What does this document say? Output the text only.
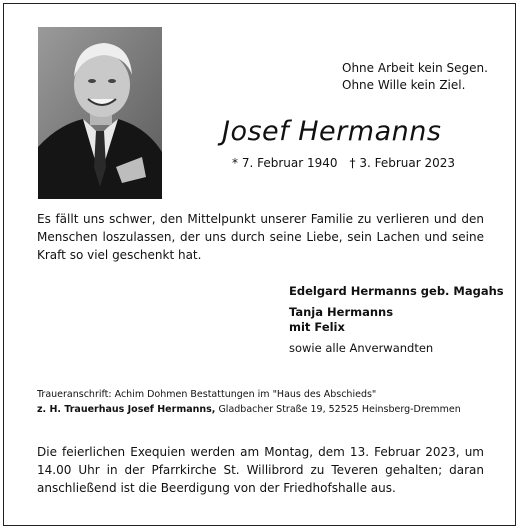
Ohne Arbeit kein Segen.
Ohne Wille kein Ziel.
Josef Hermanns
* 7. Februar 1940 † 3. Februar 2023
Es fällt uns schwer, den Mittelpunkt unserer Familie zu verlieren und den Menschen loszulassen, der uns durch seine Liebe, sein Lachen und seine Kraft so viel geschenkt hat.
Edelgard Hermanns geb. Magahs
Tanja Hermanns
mit Felix
sowie alle Anverwandten
Traueranschrift: Achim Dohmen Bestattungen im "Haus des Abschieds"
z. H. Trauerhaus Josef Hermanns, Gladbacher Straße 19, 52525 Heinsberg-Dremmen
Die feierlichen Exequien werden am Montag, dem 13. Februar 2023, um 14.00 Uhr in der Pfarrkirche St. Willibrord zu Teveren gehalten; daran anschließend ist die Beerdigung von der Friedhofshalle aus.
